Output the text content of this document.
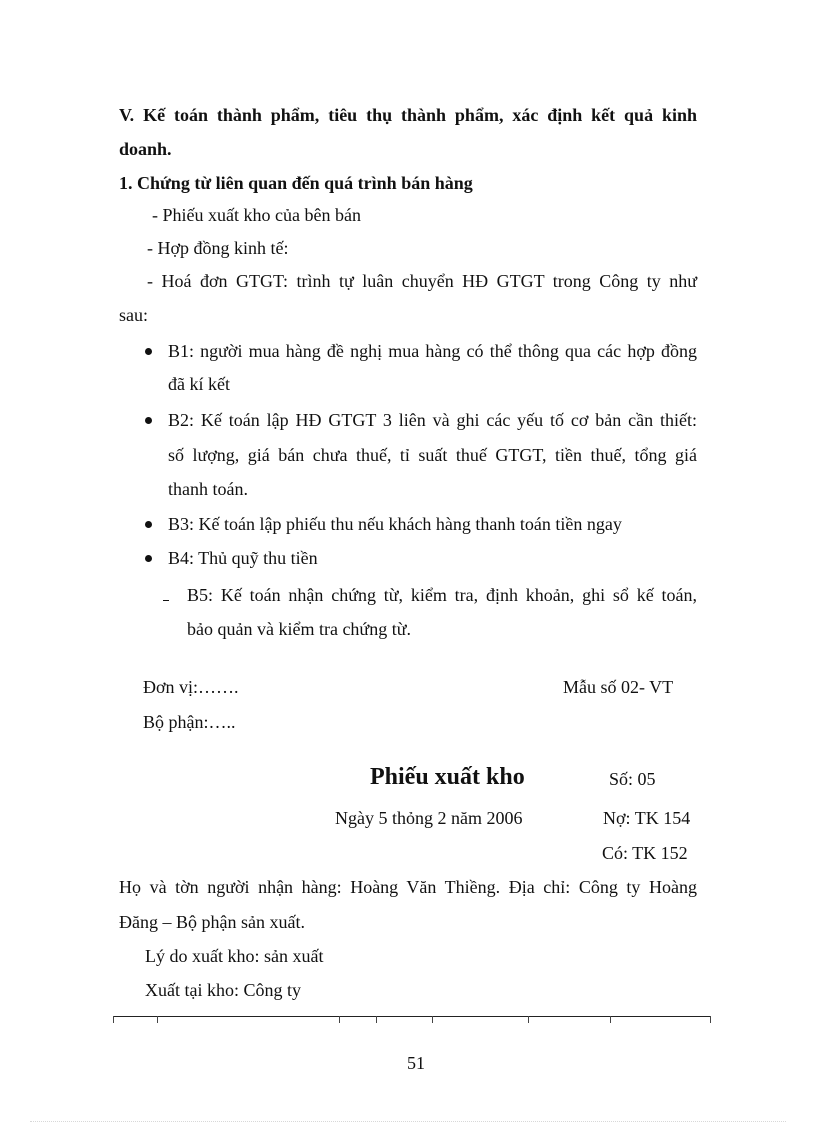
V. Kế toán thành phẩm, tiêu thụ thành phẩm, xác định kết quả kinh
doanh.
1. Chứng từ liên quan đến quá trình bán hàng
- Phiếu xuất kho của bên bán
- Hợp đồng kinh tế:
- Hoá đơn GTGT: trình tự luân chuyển HĐ GTGT trong Công ty như
sau:
B1: người mua hàng đề nghị mua hàng có thể thông qua các hợp đồng
đã kí kết
B2: Kế toán lập HĐ GTGT 3 liên và ghi các yếu tố cơ bản cần thiết:
số lượng, giá bán chưa thuế, tỉ suất thuế GTGT, tiền thuế, tổng giá
thanh toán.
B3: Kế toán lập phiếu thu nếu khách hàng thanh toán tiền ngay
B4: Thủ quỹ thu tiền
B5: Kế toán nhận chứng từ, kiểm tra, định khoản, ghi sổ kế toán,
bảo quản và kiểm tra chứng từ.
Đơn vị:…….	Mẫu số 02- VT
Bộ phận:…..
Phiếu xuất kho	Số: 05
Ngày 5 thỏng 2 năm 2006	Nợ: TK 154
Có: TK 152
Họ và tờn người nhận hàng: Hoàng Văn Thiềng. Địa chỉ: Công ty Hoàng
Đăng – Bộ phận sản xuất.
Lý do xuất kho: sản xuất
Xuất tại kho: Công ty
51
